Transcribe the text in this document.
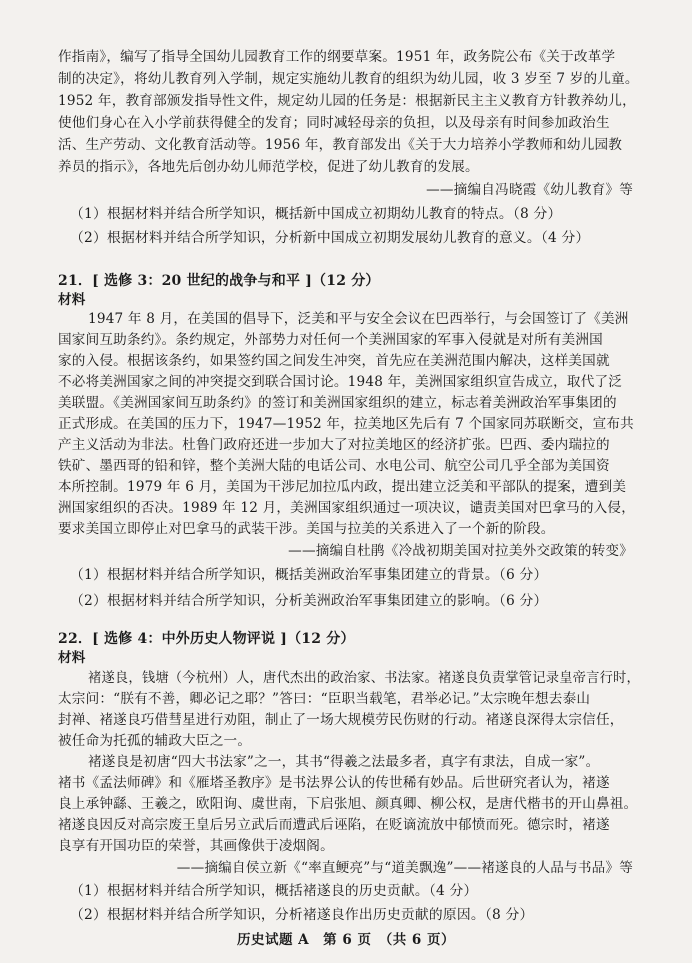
作指南》，编写了指导全国幼儿园教育工作的纲要草案。1951 年，政务院公布《关于改革学
制的决定》，将幼儿教育列入学制，规定实施幼儿教育的组织为幼儿园，收 3 岁至 7 岁的儿童。
1952 年，教育部颁发指导性文件，规定幼儿园的任务是：根据新民主主义教育方针教养幼儿，
使他们身心在入小学前获得健全的发育；同时减轻母亲的负担，以及母亲有时间参加政治生
活、生产劳动、文化教育活动等。1956 年，教育部发出《关于大力培养小学教师和幼儿园教
养员的指示》，各地先后创办幼儿师范学校，促进了幼儿教育的发展。
——摘编自冯晓霞《幼儿教育》等
（1）根据材料并结合所学知识，概括新中国成立初期幼儿教育的特点。（8 分）
（2）根据材料并结合所学知识，分析新中国成立初期发展幼儿教育的意义。（4 分）
21．[ 选修 3：20 世纪的战争与和平 ]（12 分）
材料
1947 年 8 月，在美国的倡导下，泛美和平与安全会议在巴西举行，与会国签订了《美洲
国家间互助条约》。条约规定，外部势力对任何一个美洲国家的军事入侵就是对所有美洲国
家的入侵。根据该条约，如果签约国之间发生冲突，首先应在美洲范围内解决，这样美国就
不必将美洲国家之间的冲突提交到联合国讨论。1948 年，美洲国家组织宣告成立，取代了泛
美联盟。《美洲国家间互助条约》的签订和美洲国家组织的建立，标志着美洲政治军事集团的
正式形成。在美国的压力下，1947—1952 年，拉美地区先后有 7 个国家同苏联断交，宣布共
产主义活动为非法。杜鲁门政府还进一步加大了对拉美地区的经济扩张。巴西、委内瑞拉的
铁矿、墨西哥的铅和锌，整个美洲大陆的电话公司、水电公司、航空公司几乎全部为美国资
本所控制。1979 年 6 月，美国为干涉尼加拉瓜内政，提出建立泛美和平部队的提案，遭到美
洲国家组织的否决。1989 年 12 月，美洲国家组织通过一项决议，谴责美国对巴拿马的入侵，
要求美国立即停止对巴拿马的武装干涉。美国与拉美的关系进入了一个新的阶段。
——摘编自杜鹃《冷战初期美国对拉美外交政策的转变》
（1）根据材料并结合所学知识，概括美洲政治军事集团建立的背景。（6 分）
（2）根据材料并结合所学知识，分析美洲政治军事集团建立的影响。（6 分）
22．[ 选修 4：中外历史人物评说 ]（12 分）
材料
褚遂良，钱塘（今杭州）人，唐代杰出的政治家、书法家。褚遂良负责掌管记录皇帝言行时，
太宗问：“朕有不善，卿必记之耶？”答曰：“臣职当载笔，君举必记。”太宗晚年想去泰山
封禅、褚遂良巧借彗星进行劝阻，制止了一场大规模劳民伤财的行动。褚遂良深得太宗信任，
被任命为托孤的辅政大臣之一。
褚遂良是初唐“四大书法家”之一，其书“得羲之法最多者，真字有隶法，自成一家”。
褚书《孟法师碑》和《雁塔圣教序》是书法界公认的传世稀有妙品。后世研究者认为，褚遂
良上承钟繇、王羲之，欧阳询、虞世南，下启张旭、颜真卿、柳公权，是唐代楷书的开山鼻祖。
褚遂良因反对高宗废王皇后另立武后而遭武后诬陷，在贬谪流放中郁愤而死。德宗时，褚遂
良享有开国功臣的荣誉，其画像供于凌烟阁。
——摘编自侯立新《“率直鲠亮”与“道美飘逸”——褚遂良的人品与书品》等
（1）根据材料并结合所学知识，概括褚遂良的历史贡献。（4 分）
（2）根据材料并结合所学知识，分析褚遂良作出历史贡献的原因。（8 分）
历史试题 A　第 6 页　（共 6 页）
